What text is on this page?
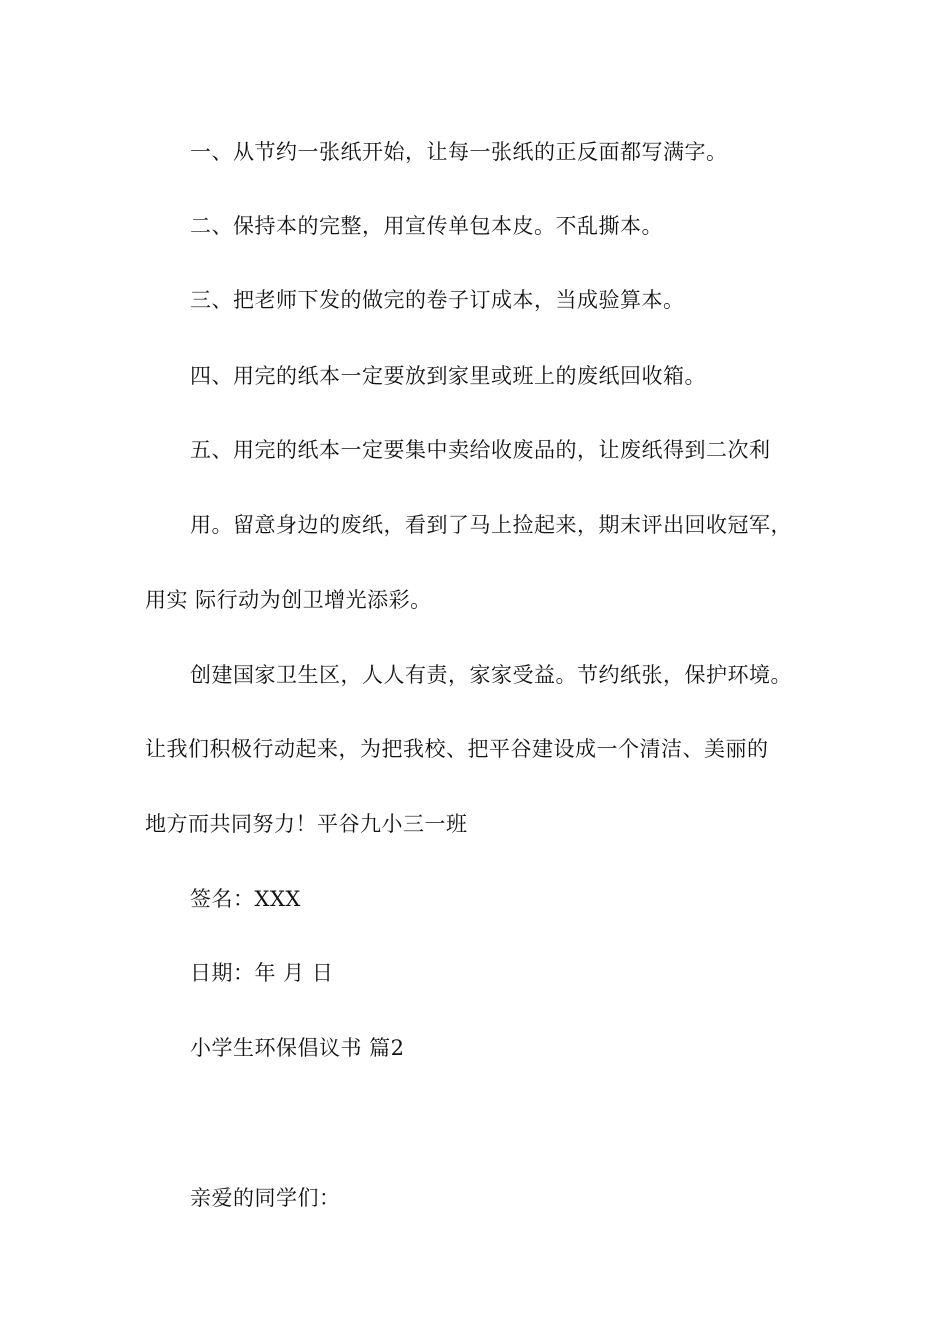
一、从节约一张纸开始，让每一张纸的正反面都写满字。
二、保持本的完整，用宣传单包本皮。不乱撕本。
三、把老师下发的做完的卷子订成本，当成验算本。
四、用完的纸本一定要放到家里或班上的废纸回收箱。
五、用完的纸本一定要集中卖给收废品的，让废纸得到二次利
用。留意身边的废纸，看到了马上捡起来，期末评出回收冠军，
用实 际行动为创卫增光添彩。
创建国家卫生区，人人有责，家家受益。节约纸张，保护环境。
让我们积极行动起来，为把我校、把平谷建设成一个清洁、美丽的
地方而共同努力！平谷九小三一班
签名：XXX
日期：年 月 日
小学生环保倡议书 篇2
亲爱的同学们：
